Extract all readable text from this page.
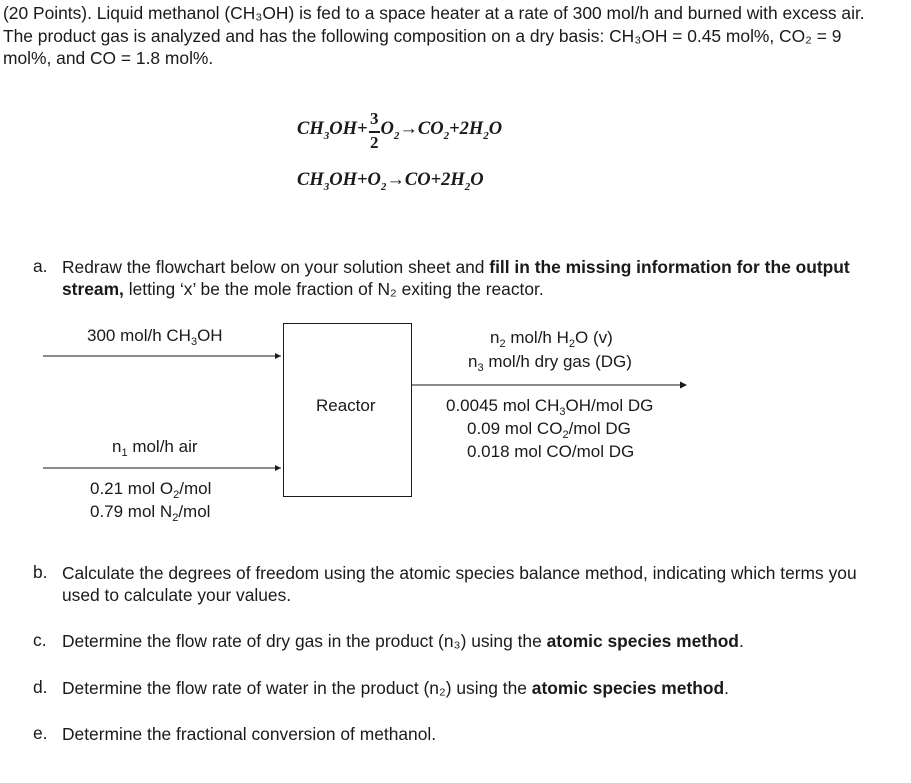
(20 Points). Liquid methanol (CH₃OH) is fed to a space heater at a rate of 300 mol/h and burned with excess air.
The product gas is analyzed and has the following composition on a dry basis: CH₃OH = 0.45 mol%, CO₂ = 9
mol%, and CO = 1.8 mol%.
$CH_3OH+ O_2\to CO_2+2H_2O$
3
2
$CH_3OH+O_2\to CO+2H_2O$
a. Redraw the flowchart below on your solution sheet and fill in the missing information for the output
stream, letting ‘x’ be the mole fraction of N₂ exiting the reactor.
300 mol/h $CH_3OH$
$n_1$ mol/h air
0.21 mol $O_2$/mol
0.79 mol $N_2$/mol
Reactor
$n_2$ mol/h $H_2O$ (v)
$n_3$ mol/h dry gas (DG)
0.0045 mol $CH_3OH$/mol DG
0.09 mol $CO_2$/mol DG
0.018 mol CO/mol DG
b. Calculate the degrees of freedom using the atomic species balance method, indicating which terms you
used to calculate your values.
c. Determine the flow rate of dry gas in the product (n₃) using the atomic species method.
d. Determine the flow rate of water in the product (n₂) using the atomic species method.
e. Determine the fractional conversion of methanol.
